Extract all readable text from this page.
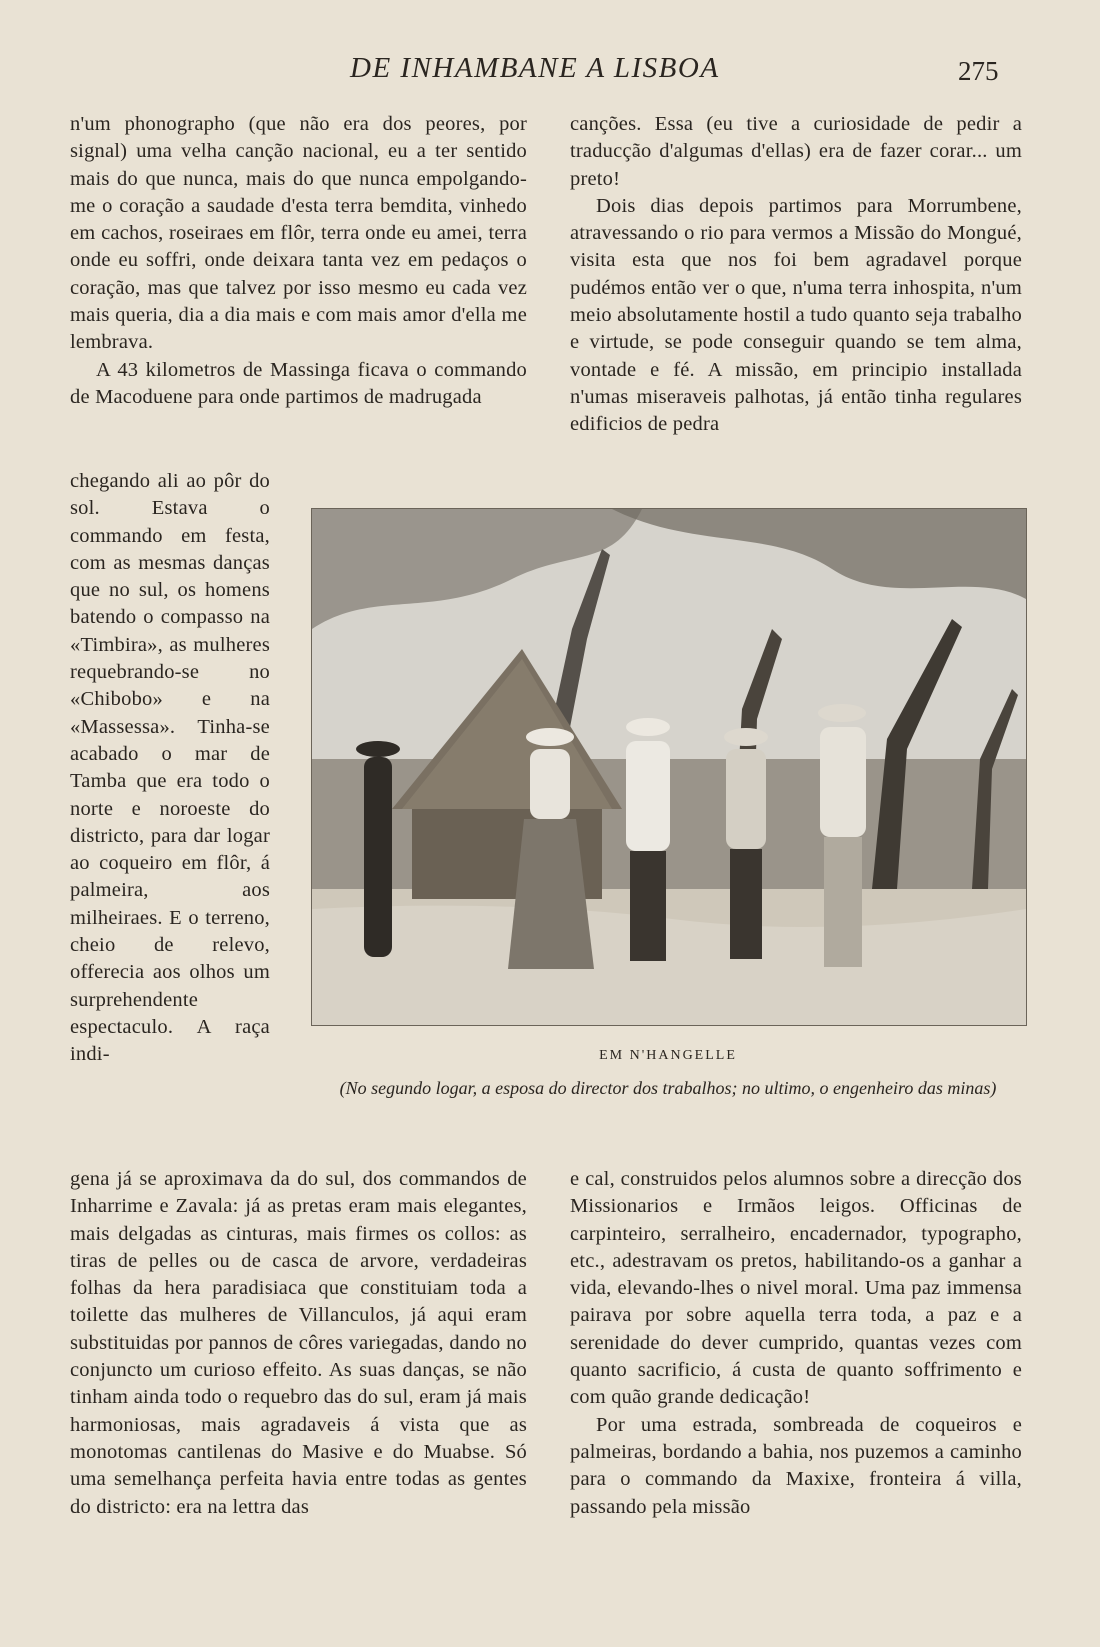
DE INHAMBANE A LISBOA	275

n'um phonographo (que não era dos peores, por signal) uma velha canção nacional, eu a ter sentido mais do que nunca, mais do que nunca empolgando-me o coração a saudade d'esta terra bemdita, vinhedo em cachos, roseiraes em flôr, terra onde eu amei, terra onde eu soffri, onde deixara tanta vez em pedaços o coração, mas que talvez por isso mesmo eu cada vez mais queria, dia a dia mais e com mais amor d'ella me lembrava.

A 43 kilometros de Massinga ficava o commando de Macoduene para onde partimos de madrugada

chegando ali ao pôr do sol. Estava o commando em festa, com as mesmas danças que no sul, os homens batendo o compasso na «Timbira», as mulheres requebrando-se no «Chibobo» e na «Massessa». Tinha-se acabado o mar de Tamba que era todo o norte e noroeste do districto, para dar logar ao coqueiro em flôr, á palmeira, aos milheiraes. E o terreno, cheio de relevo, offerecia aos olhos um surprehendente espectaculo. A raça indi-

canções. Essa (eu tive a curiosidade de pedir a traducção d'algumas d'ellas) era de fazer corar... um preto!

Dois dias depois partimos para Morrumbene, atravessando o rio para vermos a Missão do Mongué, visita esta que nos foi bem agradavel porque pudémos então ver o que, n'uma terra inhospita, n'um meio absolutamente hostil a tudo quanto seja trabalho e virtude, se pode conseguir quando se tem alma, vontade e fé. A missão, em principio installada n'umas miseraveis palhotas, já então tinha regulares edificios de pedra

EM N'HANGELLE
(No segundo logar, a esposa do director dos trabalhos; no ultimo, o engenheiro das minas)

gena já se aproximava da do sul, dos commandos de Inharrime e Zavala: já as pretas eram mais elegantes, mais delgadas as cinturas, mais firmes os collos: as tiras de pelles ou de casca de arvore, verdadeiras folhas da hera paradisiaca que constituiam toda a toilette das mulheres de Villanculos, já aqui eram substituidas por pannos de côres variegadas, dando no conjuncto um curioso effeito. As suas danças, se não tinham ainda todo o requebro das do sul, eram já mais harmoniosas, mais agradaveis á vista que as monotomas cantilenas do Masive e do Muabse. Só uma semelhança perfeita havia entre todas as gentes do districto: era na lettra das

e cal, construidos pelos alumnos sobre a direcção dos Missionarios e Irmãos leigos. Officinas de carpinteiro, serralheiro, encadernador, typographo, etc., adestravam os pretos, habilitando-os a ganhar a vida, elevando-lhes o nivel moral. Uma paz immensa pairava por sobre aquella terra toda, a paz e a serenidade do dever cumprido, quantas vezes com quanto sacrificio, á custa de quanto soffrimento e com quão grande dedicação!

Por uma estrada, sombreada de coqueiros e palmeiras, bordando a bahia, nos puzemos a caminho para o commando da Maxixe, fronteira á villa, passando pela missão
